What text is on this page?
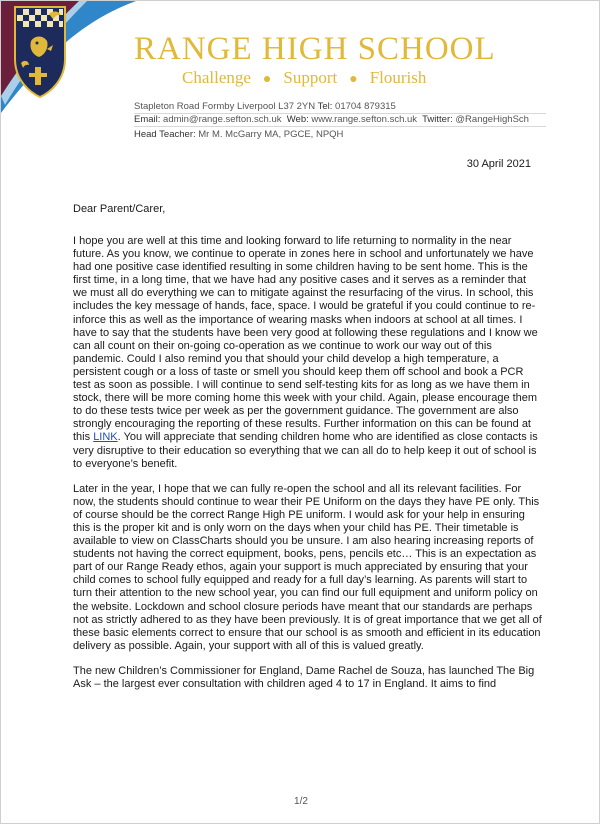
RANGE HIGH SCHOOL
Challenge ● Support ● Flourish
Stapleton Road Formby Liverpool L37 2YN Tel: 01704 879315
Email: admin@range.sefton.sch.uk Web: www.range.sefton.sch.uk Twitter: @RangeHighSch
Head Teacher: Mr M. McGarry MA, PGCE, NPQH
30 April 2021
Dear Parent/Carer,

I hope you are well at this time and looking forward to life returning to normality in the near future. As you know, we continue to operate in zones here in school and unfortunately we have had one positive case identified resulting in some children having to be sent home. This is the first time, in a long time, that we have had any positive cases and it serves as a reminder that we must all do everything we can to mitigate against the resurfacing of the virus. In school, this includes the key message of hands, face, space. I would be grateful if you could continue to re-inforce this as well as the importance of wearing masks when indoors at school at all times. I have to say that the students have been very good at following these regulations and I know we can all count on their on-going co-operation as we continue to work our way out of this pandemic. Could I also remind you that should your child develop a high temperature, a persistent cough or a loss of taste or smell you should keep them off school and book a PCR test as soon as possible. I will continue to send self-testing kits for as long as we have them in stock, there will be more coming home this week with your child. Again, please encourage them to do these tests twice per week as per the government guidance. The government are also strongly encouraging the reporting of these results. Further information on this can be found at this LINK. You will appreciate that sending children home who are identified as close contacts is very disruptive to their education so everything that we can all do to help keep it out of school is to everyone’s benefit.

Later in the year, I hope that we can fully re-open the school and all its relevant facilities. For now, the students should continue to wear their PE Uniform on the days they have PE only. This of course should be the correct Range High PE uniform. I would ask for your help in ensuring this is the proper kit and is only worn on the days when your child has PE. Their timetable is available to view on ClassCharts should you be unsure. I am also hearing increasing reports of students not having the correct equipment, books, pens, pencils etc… This is an expectation as part of our Range Ready ethos, again your support is much appreciated by ensuring that your child comes to school fully equipped and ready for a full day’s learning. As parents will start to turn their attention to the new school year, you can find our full equipment and uniform policy on the website. Lockdown and school closure periods have meant that our standards are perhaps not as strictly adhered to as they have been previously. It is of great importance that we get all of these basic elements correct to ensure that our school is as smooth and efficient in its education delivery as possible. Again, your support with all of this is valued greatly.

The new Children’s Commissioner for England, Dame Rachel de Souza, has launched The Big Ask – the largest ever consultation with children aged 4 to 17 in England. It aims to find

1/2
